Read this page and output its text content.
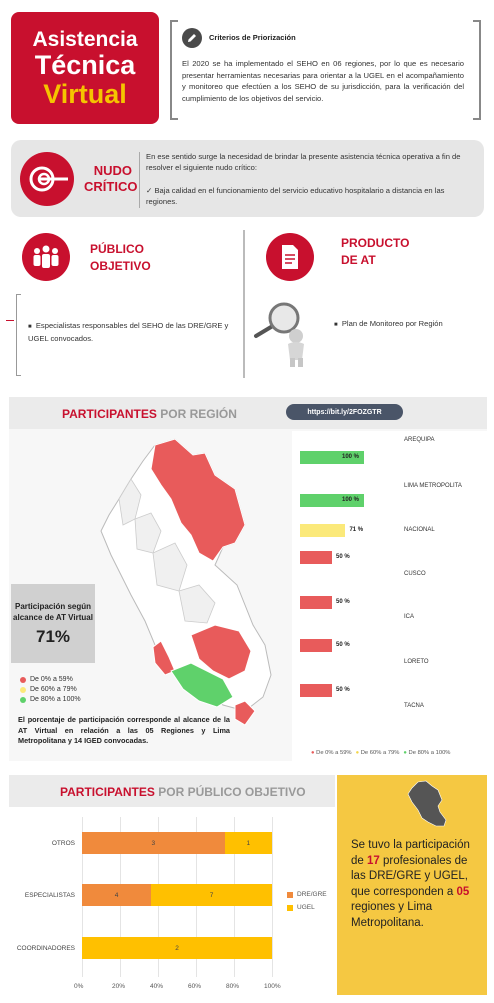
Asistencia
Técnica
Virtual
Criterios de Priorización
El 2020 se ha implementado el SEHO en 06 regiones, por lo que es necesario presentar herramientas necesarias para orientar a la UGEL en el acompañamiento y monitoreo que efectúen a los SEHO de su jurisdicción, para la verificación del cumplimiento de los objetivos del servicio.
NUDO
CRÍTICO
En ese sentido surge la necesidad de brindar la presente asistencia técnica operativa a fin de resolver el siguiente nudo crítico:
✓ Baja calidad en el funcionamiento del servicio educativo hospitalario a distancia en las regiones.
PÚBLICO
OBJETIVO
PRODUCTO
DE AT
■ Especialistas responsables del SEHO de las DRE/GRE y UGEL convocados.
■ Plan de Monitoreo por Región
PARTICIPANTES POR REGIÓN	https://bit.ly/2FOZGTR
Participación según alcance de AT Virtual
71%
De 0% a 59%
De 60% a 79%
De 80% a 100%
El porcentaje de participación corresponde al alcance de la AT Virtual en relación a las 05 Regiones y Lima Metropolitana y 14 IGED convocadas.
100 %
AREQUIPA
100 %
LIMA METROPOLITA
71 %	NACIONAL
50 %
CUSCO
50 %
ICA
50 %
LORETO
50 %
TACNA
● De 0% a 59% ● De 60% a 79% ● De 80% a 100%
PARTICIPANTES POR PÚBLICO OBJETIVO
0%	20%	40%	60%	80%	100%
OTROS	3	1
ESPECIALISTAS	4	7
COORDINADORES	2
DRE/GRE
UGEL
Se tuvo la participación de 17 profesionales de las DRE/GRE y UGEL, que corresponden a 05 regiones y Lima Metropolitana.
